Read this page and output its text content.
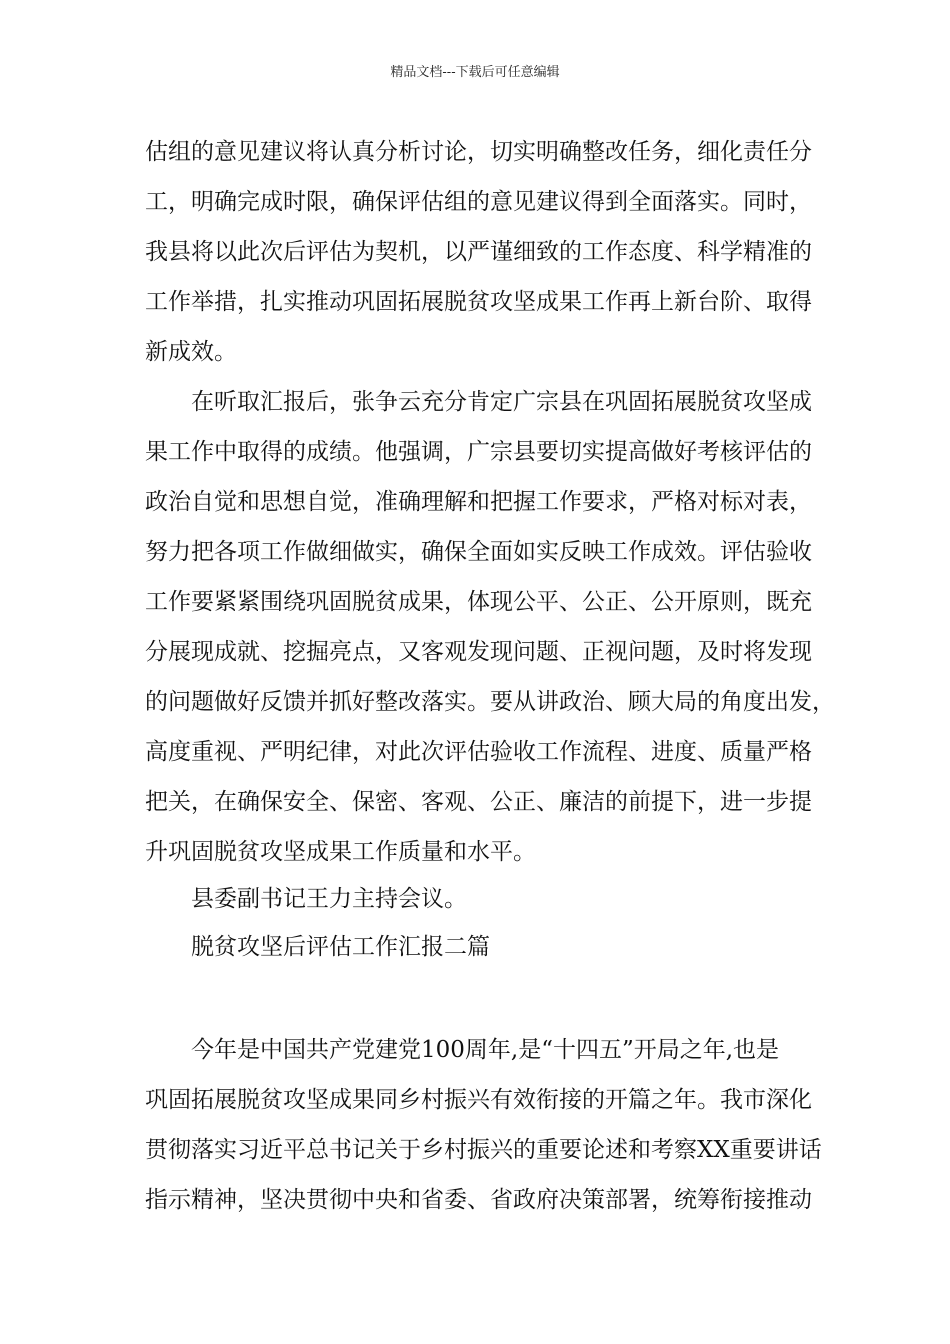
精品文档---下载后可任意编辑
估组的意见建议将认真分析讨论，切实明确整改任务，细化责任分
工，明确完成时限，确保评估组的意见建议得到全面落实。同时，
我县将以此次后评估为契机，以严谨细致的工作态度、科学精准的
工作举措，扎实推动巩固拓展脱贫攻坚成果工作再上新台阶、取得
新成效。
在听取汇报后，张争云充分肯定广宗县在巩固拓展脱贫攻坚成
果工作中取得的成绩。他强调，广宗县要切实提高做好考核评估的
政治自觉和思想自觉，准确理解和把握工作要求，严格对标对表，
努力把各项工作做细做实，确保全面如实反映工作成效。评估验收
工作要紧紧围绕巩固脱贫成果，体现公平、公正、公开原则，既充
分展现成就、挖掘亮点，又客观发现问题、正视问题，及时将发现
的问题做好反馈并抓好整改落实。要从讲政治、顾大局的角度出发，
高度重视、严明纪律，对此次评估验收工作流程、进度、质量严格
把关，在确保安全、保密、客观、公正、廉洁的前提下，进一步提
升巩固脱贫攻坚成果工作质量和水平。
县委副书记王力主持会议。
脱贫攻坚后评估工作汇报二篇
今年是中国共产党建党100周年,是“十四五”开局之年,也是
巩固拓展脱贫攻坚成果同乡村振兴有效衔接的开篇之年。我市深化
贯彻落实习近平总书记关于乡村振兴的重要论述和考察XX重要讲话
指示精神，坚决贯彻中央和省委、省政府决策部署，统筹衔接推动
